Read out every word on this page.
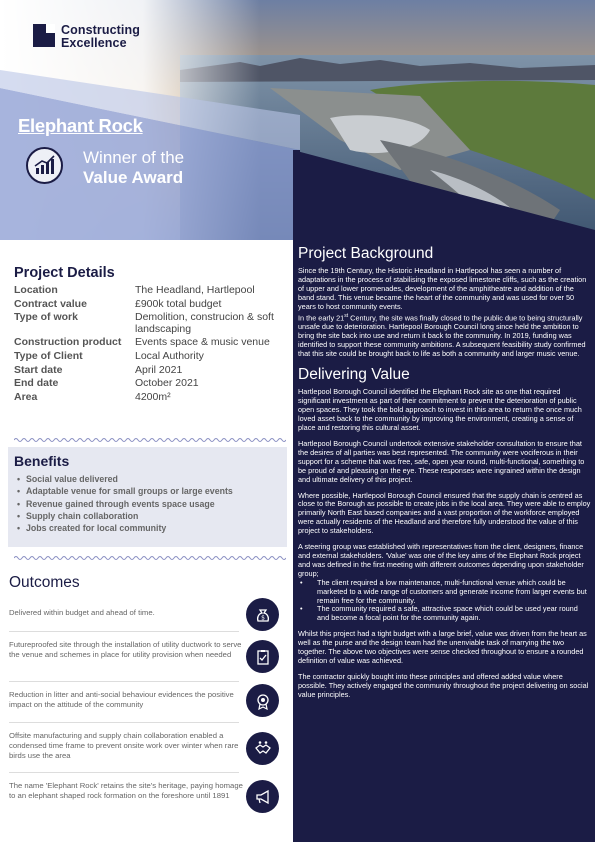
Constructing
Excellence
Elephant Rock
Winner of the
Value Award
Project Details
Location	The Headland, Hartlepool
Contract value	£900k total budget
Type of work	Demolition, construcion & soft landscaping
Construction product	Events space & music venue
Type of Client	Local Authority
Start date	April 2021
End date	October 2021
Area	4200m²
Benefits
• Social value delivered
• Adaptable venue for small groups or large events
• Revenue gained through events space usage
• Supply chain collaboration
• Jobs created for local community
Outcomes
Delivered within budget and ahead of time.
$
Futureproofed site through the installation of utility ductwork to serve the venue and schemes in place for utility provision when needed
Reduction in litter and anti-social behaviour evidences the positive impact on the attitude of the community
Offsite manufacturing and supply chain collaboration enabled a condensed time frame to prevent onsite work over winter when rare birds use the area
The name 'Elephant Rock' retains the site's heritage, paying homage to an elephant shaped rock formation on the foreshore until 1891
Project Background

Since the 19th Century, the Historic Headland in Hartlepool has seen a number of adaptations in the process of stabilising the exposed limestone cliffs, such as the creation of upper and lower promenades, development of the amphitheatre and addition of the band stand. This venue became the heart of the community and was used for over 50 years to host community events.

In the early 21st Century, the site was finally closed to the public due to being structurally unsafe due to deterioration. Hartlepool Borough Council long since held the ambition to bring the site back into use and return it back to the community. In 2019, funding was identified to support these community ambitions. A subsequent feasibility study confirmed that this site could be brought back to life as both a community and larger music venue.

Delivering Value

Hartlepool Borough Council identified the Elephant Rock site as one that required significant investment as part of their commitment to prevent the deterioration of public open spaces. They took the bold approach to invest in this area to return the once much loved asset back to the community by improving the environment, creating a sense of place and restoring this cultural asset.

Hartlepool Borough Council undertook extensive stakeholder consultation to ensure that the desires of all parties was best represented. The community were vociferous in their support for a scheme that was free, safe, open year round, multi-functional, something to be proud of and pleasing on the eye. These responses were ingrained within the design and ultimate delivery of this project.

Where possible, Hartlepool Borough Council ensured that the supply chain is centred as close to the Borough as possible to create jobs in the local area. They were able to employ primarily North East based companies and a vast proportion of the workforce employed were actually residents of the Headland and therefore fully understood the value of this project to stakeholders.

A steering group was established with representatives from the client, designers, finance and external stakeholders. 'Value' was one of the key aims of the Elephant Rock project and was defined in the first meeting with different outcomes depending upon stakeholder group;

• The client required a low maintenance, multi-functional venue which could be marketed to a wide range of customers and generate income from larger events but remain free for the community.
• The community required a safe, attractive space which could be used year round and become a focal point for the community again.

Whilst this project had a tight budget with a large brief, value was driven from the heart as well as the purse and the design team had the unenviable task of marrying the two together. The above two objectives were sense checked throughout to ensure a rounded definition of value was achieved.

The contractor quickly bought into these principles and offered added value where possible. They actively engaged the community throughout the project delivering on social value principles.
